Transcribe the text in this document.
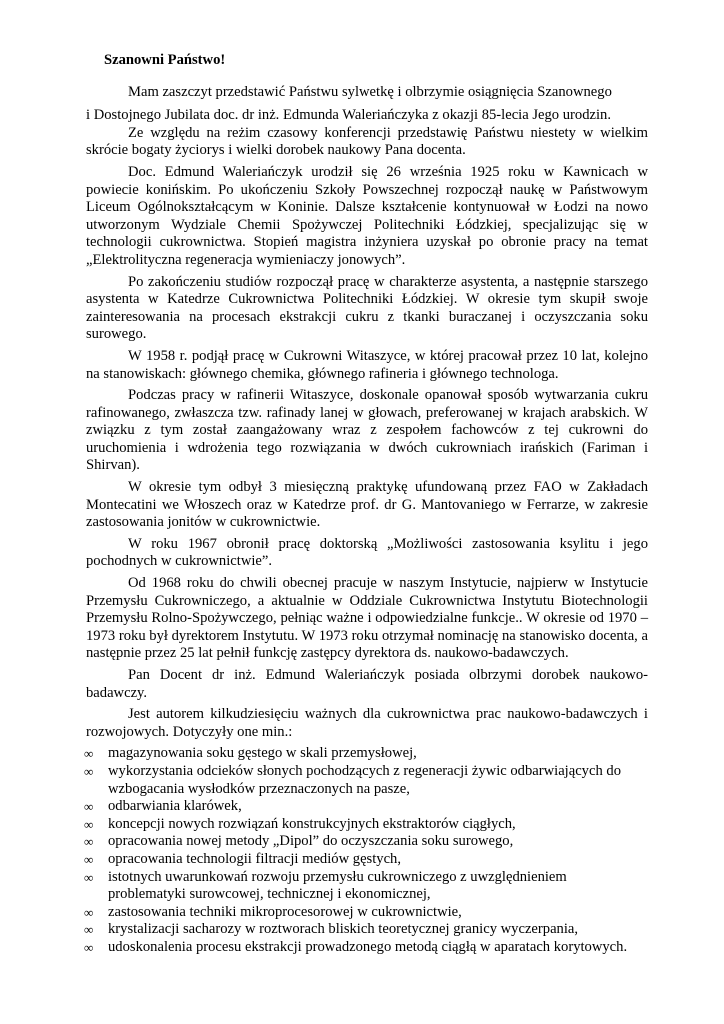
Szanowni Państwo!
Mam zaszczyt przedstawić Państwu sylwetkę i olbrzymie osiągnięcia Szanownego
i Dostojnego Jubilata doc. dr inż. Edmunda Waleriańczyka z okazji 85-lecia Jego urodzin.

Ze względu na reżim czasowy konferencji przedstawię Państwu niestety w wielkim skrócie bogaty życiorys i wielki dorobek naukowy Pana docenta.

Doc. Edmund Waleriańczyk urodził się 26 września 1925 roku w Kawnicach w powiecie konińskim. Po ukończeniu Szkoły Powszechnej rozpoczął naukę w Państwowym Liceum Ogólnokształcącym w Koninie. Dalsze kształcenie kontynuował w Łodzi na nowo utworzonym Wydziale Chemii Spożywczej Politechniki Łódzkiej, specjalizując się w technologii cukrownictwa. Stopień magistra inżyniera uzyskał po obronie pracy na temat „Elektrolityczna regeneracja wymieniaczy jonowych”.

Po zakończeniu studiów rozpoczął pracę w charakterze asystenta, a następnie starszego asystenta w Katedrze Cukrownictwa Politechniki Łódzkiej. W okresie tym skupił swoje zainteresowania na procesach ekstrakcji cukru z tkanki buraczanej i oczyszczania soku surowego.

W 1958 r. podjął pracę w Cukrowni Witaszyce, w której pracował przez 10 lat, kolejno na stanowiskach: głównego chemika, głównego rafineria i głównego technologa.

Podczas pracy w rafinerii Witaszyce, doskonale opanował sposób wytwarzania cukru rafinowanego, zwłaszcza tzw. rafinady lanej w głowach, preferowanej w krajach arabskich. W związku z tym został zaangażowany wraz z zespołem fachowców z tej cukrowni do uruchomienia i wdrożenia tego rozwiązania w dwóch cukrowniach irańskich (Fariman i Shirvan).

W okresie tym odbył 3 miesięczną praktykę ufundowaną przez FAO w Zakładach Montecatini we Włoszech oraz w Katedrze prof. dr G. Mantovaniego w Ferrarze, w zakresie zastosowania jonitów w cukrownictwie.

W roku 1967 obronił pracę doktorską „Możliwości zastosowania ksylitu i jego pochodnych w cukrownictwie”.

Od 1968 roku do chwili obecnej pracuje w naszym Instytucie, najpierw w Instytucie Przemysłu Cukrowniczego, a aktualnie w Oddziale Cukrownictwa Instytutu Biotechnologii Przemysłu Rolno-Spożywczego, pełniąc ważne i odpowiedzialne funkcje.. W okresie od 1970 – 1973 roku był dyrektorem Instytutu. W 1973 roku otrzymał nominację na stanowisko docenta, a następnie przez 25 lat pełnił funkcję zastępcy dyrektora ds. naukowo-badawczych.

Pan Docent dr inż. Edmund Waleriańczyk posiada olbrzymi dorobek naukowo-badawczy.

Jest autorem kilkudziesięciu ważnych dla cukrownictwa prac naukowo-badawczych i rozwojowych. Dotyczyły one min.:

∞	magazynowania soku gęstego w skali przemysłowej,
∞	wykorzystania odcieków słonych pochodzących z regeneracji żywic odbarwiających do wzbogacania wysłodków przeznaczonych na pasze,
∞	odbarwiania klarówek,
∞	koncepcji nowych rozwiązań konstrukcyjnych ekstraktorów ciągłych,
∞	opracowania nowej metody „Dipol” do oczyszczania soku surowego,
∞	opracowania technologii filtracji mediów gęstych,
∞	istotnych uwarunkowań rozwoju przemysłu cukrowniczego z uwzględnieniem problematyki surowcowej, technicznej i ekonomicznej,
∞	zastosowania techniki mikroprocesorowej w cukrownictwie,
∞	krystalizacji sacharozy w roztworach bliskich teoretycznej granicy wyczerpania,
∞	udoskonalenia procesu ekstrakcji prowadzonego metodą ciągłą w aparatach korytowych.
